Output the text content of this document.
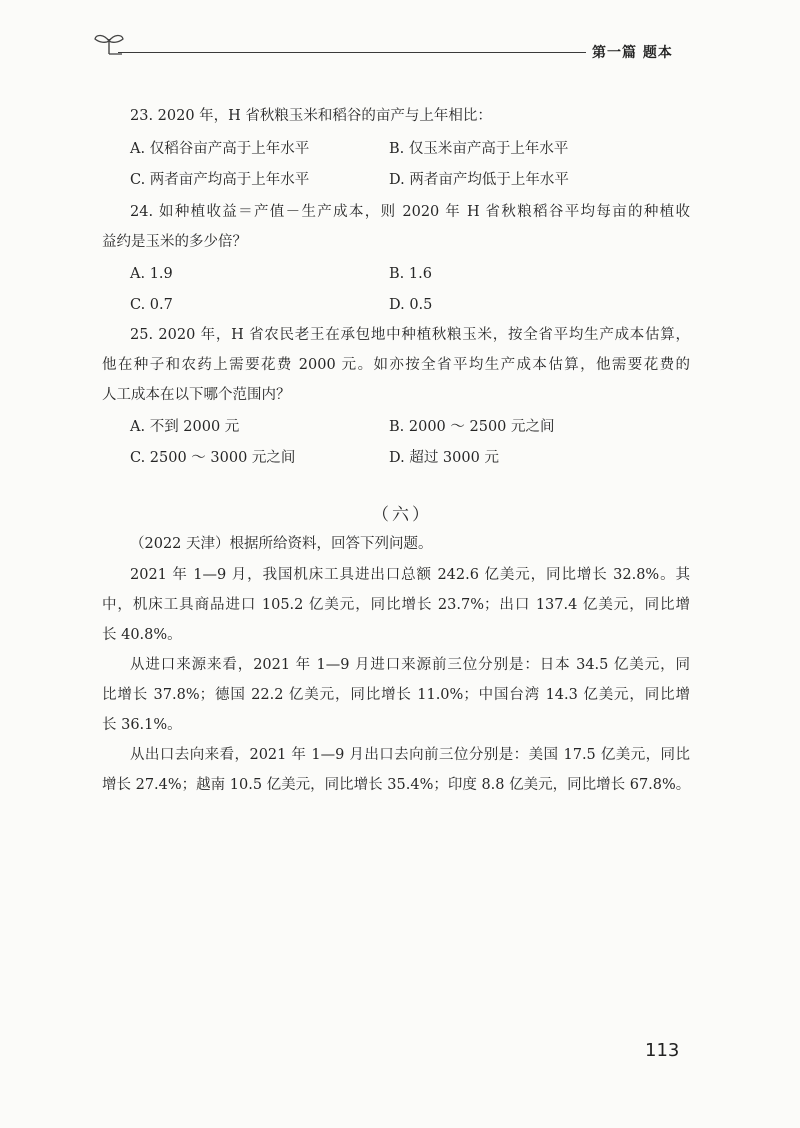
第一篇 题本
23. 2020 年，H 省秋粮玉米和稻谷的亩产与上年相比：
A. 仅稻谷亩产高于上年水平	B. 仅玉米亩产高于上年水平
C. 两者亩产均高于上年水平	D. 两者亩产均低于上年水平
24. 如种植收益＝产值－生产成本，则 2020 年 H 省秋粮稻谷平均每亩的种植收
益约是玉米的多少倍？
A. 1.9	B. 1.6
C. 0.7	D. 0.5
25. 2020 年，H 省农民老王在承包地中种植秋粮玉米，按全省平均生产成本估算，
他在种子和农药上需要花费 2000 元。如亦按全省平均生产成本估算，他需要花费的
人工成本在以下哪个范围内？
A. 不到 2000 元	B. 2000 ～ 2500 元之间
C. 2500 ～ 3000 元之间	D. 超过 3000 元
（六）
（2022 天津）根据所给资料，回答下列问题。
2021 年 1—9 月，我国机床工具进出口总额 242.6 亿美元，同比增长 32.8%。其
中，机床工具商品进口 105.2 亿美元，同比增长 23.7%；出口 137.4 亿美元，同比增
长 40.8%。
从进口来源来看，2021 年 1—9 月进口来源前三位分别是：日本 34.5 亿美元，同
比增长 37.8%；德国 22.2 亿美元，同比增长 11.0%；中国台湾 14.3 亿美元，同比增
长 36.1%。
从出口去向来看，2021 年 1—9 月出口去向前三位分别是：美国 17.5 亿美元，同比
增长 27.4%；越南 10.5 亿美元，同比增长 35.4%；印度 8.8 亿美元，同比增长 67.8%。
113
